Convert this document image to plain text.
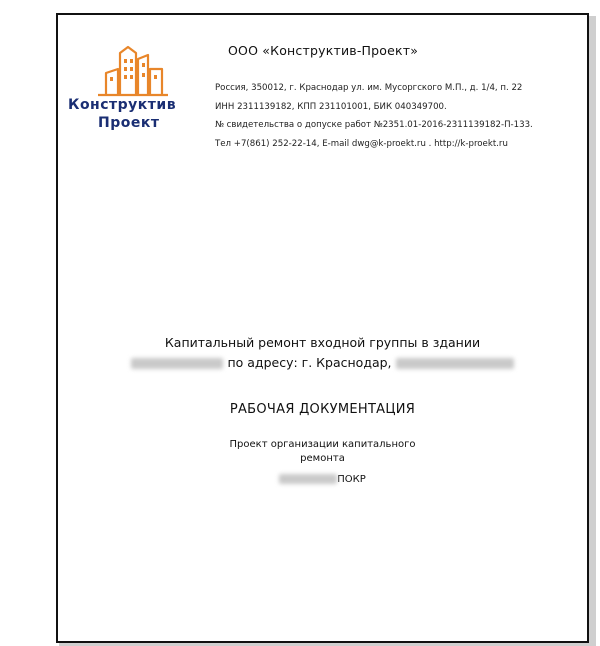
Конструктив
Проект
ООО «Конструктив-Проект»
Россия, 350012, г. Краснодар ул. им. Мусоргского М.П., д. 1/4, п. 22
ИНН 2311139182, КПП 231101001, БИК 040349700.
№ свидетельства о допуске работ №2351.01-2016-2311139182-П-133.
Тел +7(861) 252-22-14, E-mail dwg@k-proekt.ru . http://k-proekt.ru
Капитальный ремонт входной группы в здании
по адресу: г. Краснодар,
РАБОЧАЯ ДОКУМЕНТАЦИЯ
Проект организации капитального
ремонта
ПОКР
